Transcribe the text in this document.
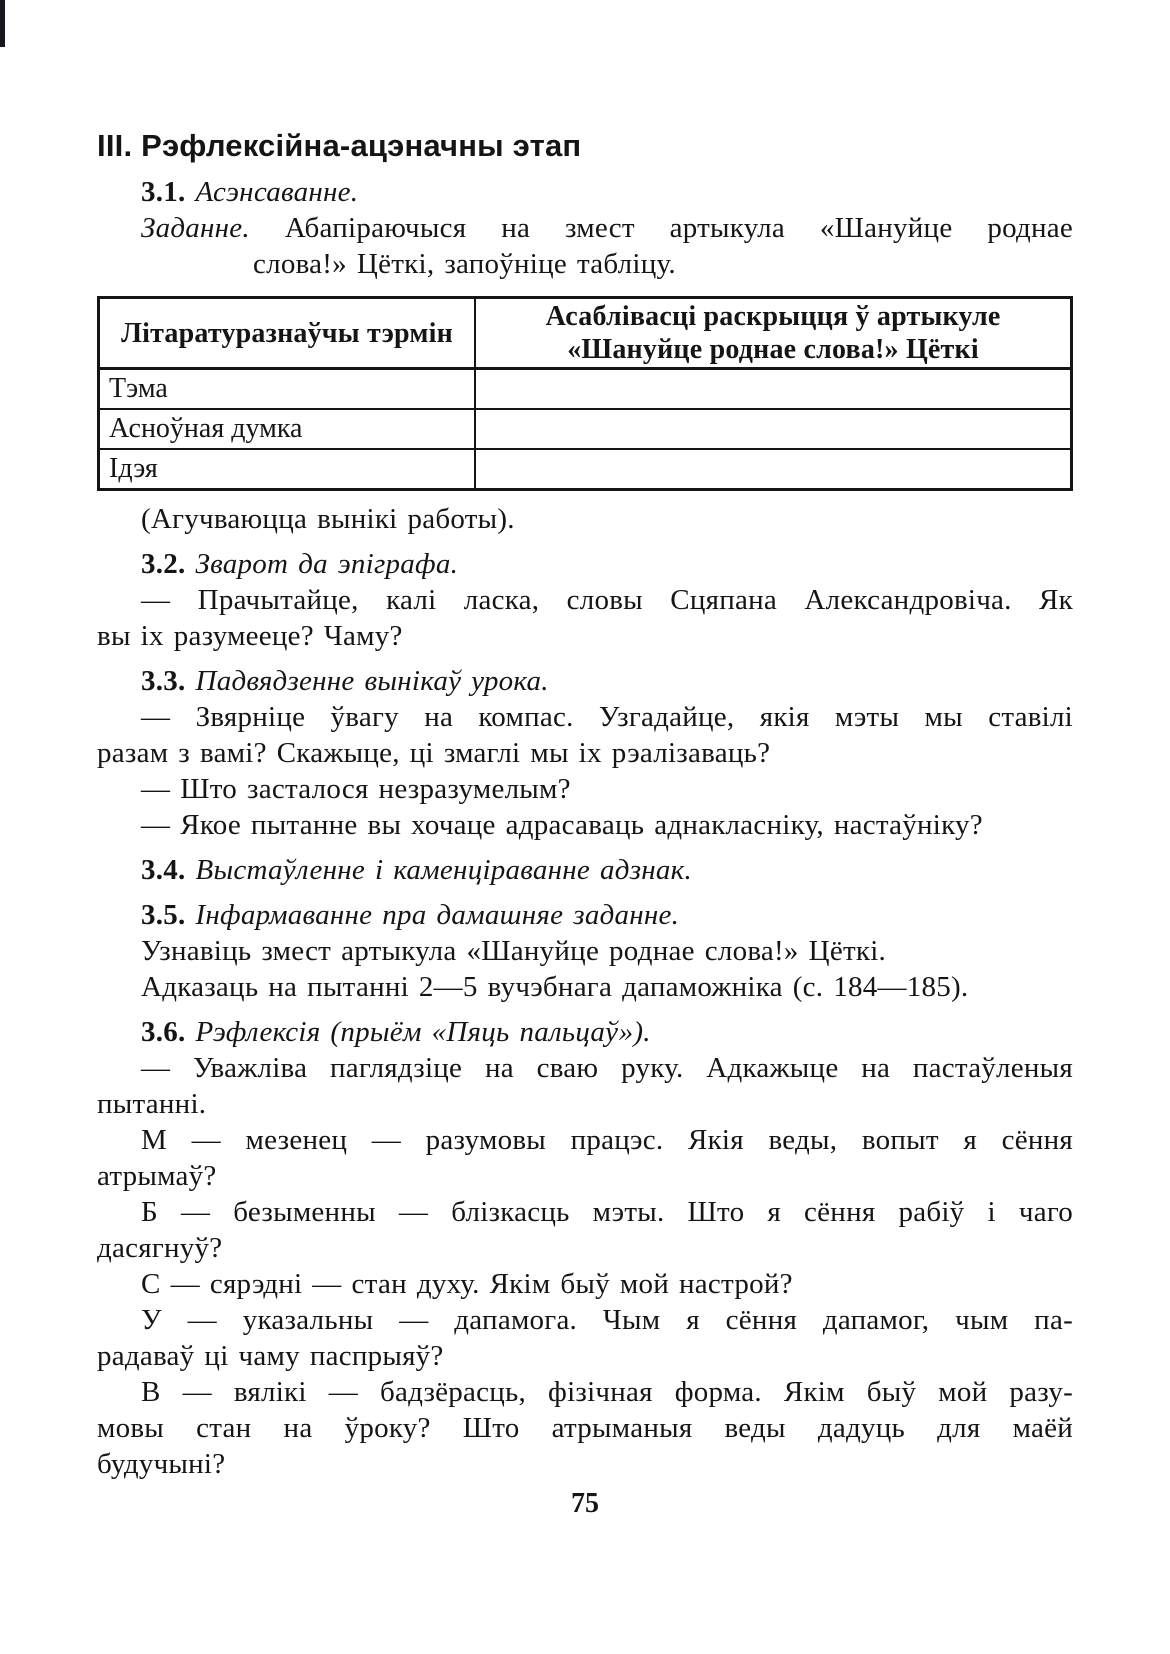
III. Рэфлексійна-ацэначны этап

3.1. Асэнсаванне.

Заданне. Абапіраючыся на змест артыкула «Шануйце роднае

слова!» Цёткі, запоўніце табліцу.

Літаратуразнаўчы тэрмін	Асаблівасці раскрыцця ў артыкуле
«Шануйце роднае слова!» Цёткі

Тэма	
Асноўная думка	
Ідэя	

(Агучваюцца вынікі работы).

3.2. Зварот да эпіграфа.

— Прачытайце, калі ласка, словы Сцяпана Александровіча. Як

вы іх разумееце? Чаму?

3.3. Падвядзенне вынікаў урока.

— Звярніце ўвагу на компас. Узгадайце, якія мэты мы ставілі

разам з вамі? Скажыце, ці змаглі мы іх рэалізаваць?

— Што засталося незразумелым?

— Якое пытанне вы хочаце адрасаваць аднакласніку, настаўніку?

3.4. Выстаўленне і каменціраванне адзнак.

3.5. Інфармаванне пра дамашняе заданне.

Узнавіць змест артыкула «Шануйце роднае слова!» Цёткі.

Адказаць на пытанні 2—5 вучэбнага дапаможніка (с. 184—185).

3.6. Рэфлексія (прыём «Пяць пальцаў»).

— Уважліва паглядзіце на сваю руку. Адкажыце на пастаўленыя

пытанні.

М — мезенец — разумовы працэс. Якія веды, вопыт я сёння

атрымаў?

Б — безыменны — блізкасць мэты. Што я сёння рабіў і чаго

дасягнуў?

С — сярэдні — стан духу. Якім быў мой настрой?

У — указальны — дапамога. Чым я сёння дапамог, чым па-

радаваў ці чаму паспрыяў?

В — вялікі — бадзёрасць, фізічная форма. Якім быў мой разу-

мовы стан на ўроку? Што атрыманыя веды дадуць для маёй

будучыні?

75
